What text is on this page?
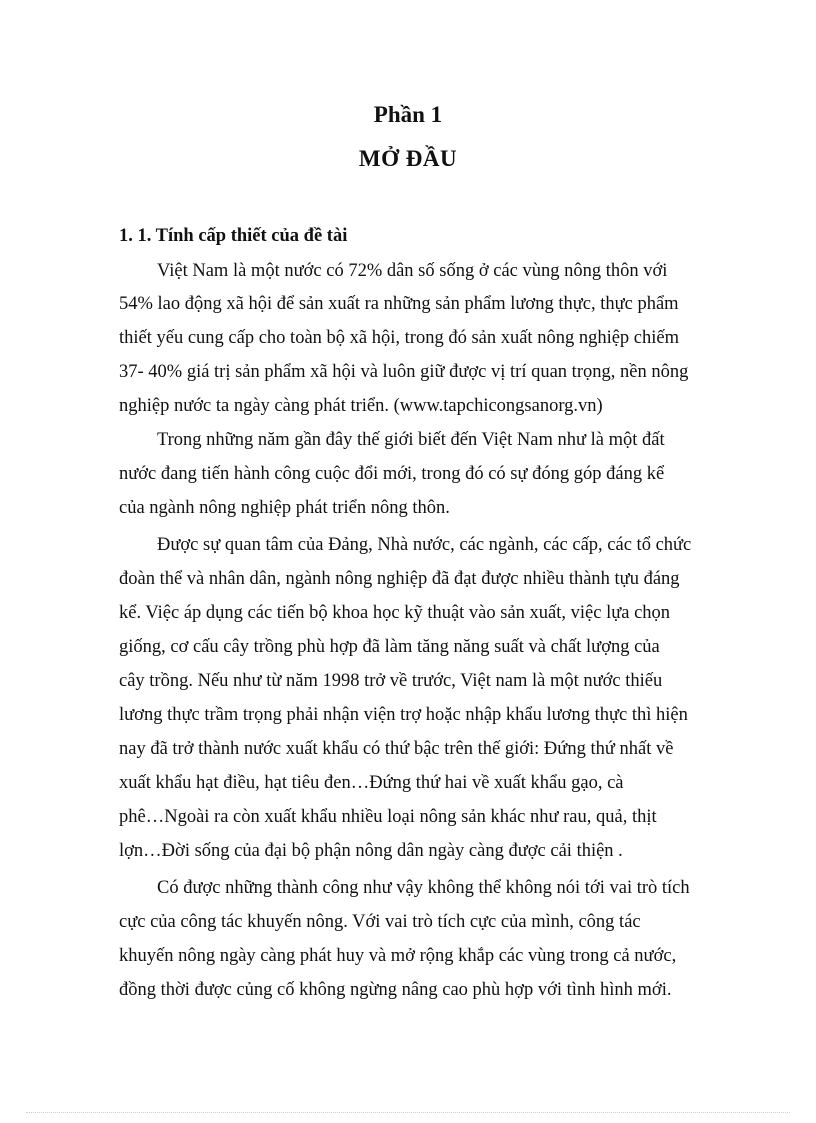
Phần 1
MỞ ĐẦU
1. 1. Tính cấp thiết của đề tài
Việt Nam là một nước có 72% dân số sống ở các vùng nông thôn với
54% lao động xã hội để sản xuất ra những sản phẩm lương thực, thực phẩm
thiết yếu cung cấp cho toàn bộ xã hội, trong đó sản xuất nông nghiệp chiếm
37- 40% giá trị sản phẩm xã hội và luôn giữ được vị trí quan trọng, nền nông
nghiệp nước ta ngày càng phát triển. (www.tapchicongsanorg.vn)
Trong những năm gần đây thế giới biết đến Việt Nam như là một đất
nước đang tiến hành công cuộc đổi mới, trong đó có sự đóng góp đáng kể
của ngành nông nghiệp phát triển nông thôn.
Được sự quan tâm của Đảng, Nhà nước, các ngành, các cấp, các tổ chức
đoàn thể và nhân dân, ngành nông nghiệp đã đạt được nhiều thành tựu đáng
kể. Việc áp dụng các tiến bộ khoa học kỹ thuật vào sản xuất, việc lựa chọn
giống, cơ cấu cây trồng phù hợp đã làm tăng năng suất và chất lượng của
cây trồng. Nếu như từ năm 1998 trở về trước, Việt nam là một nước thiếu
lương thực trầm trọng phải nhận viện trợ hoặc nhập khẩu lương thực thì hiện
nay đã trở thành nước xuất khẩu có thứ bậc trên thế giới: Đứng thứ nhất về
xuất khẩu hạt điều, hạt tiêu đen…Đứng thứ hai về xuất khẩu gạo, cà
phê…Ngoài ra còn xuất khẩu nhiều loại nông sản khác như rau, quả, thịt
lợn…Đời sống của đại bộ phận nông dân ngày càng được cải thiện .
Có được những thành công như vậy không thể không nói tới vai trò tích
cực của công tác khuyến nông. Với vai trò tích cực của mình, công tác
khuyến nông ngày càng phát huy và mở rộng khắp các vùng trong cả nước,
đồng thời được củng cố không ngừng nâng cao phù hợp với tình hình mới.
